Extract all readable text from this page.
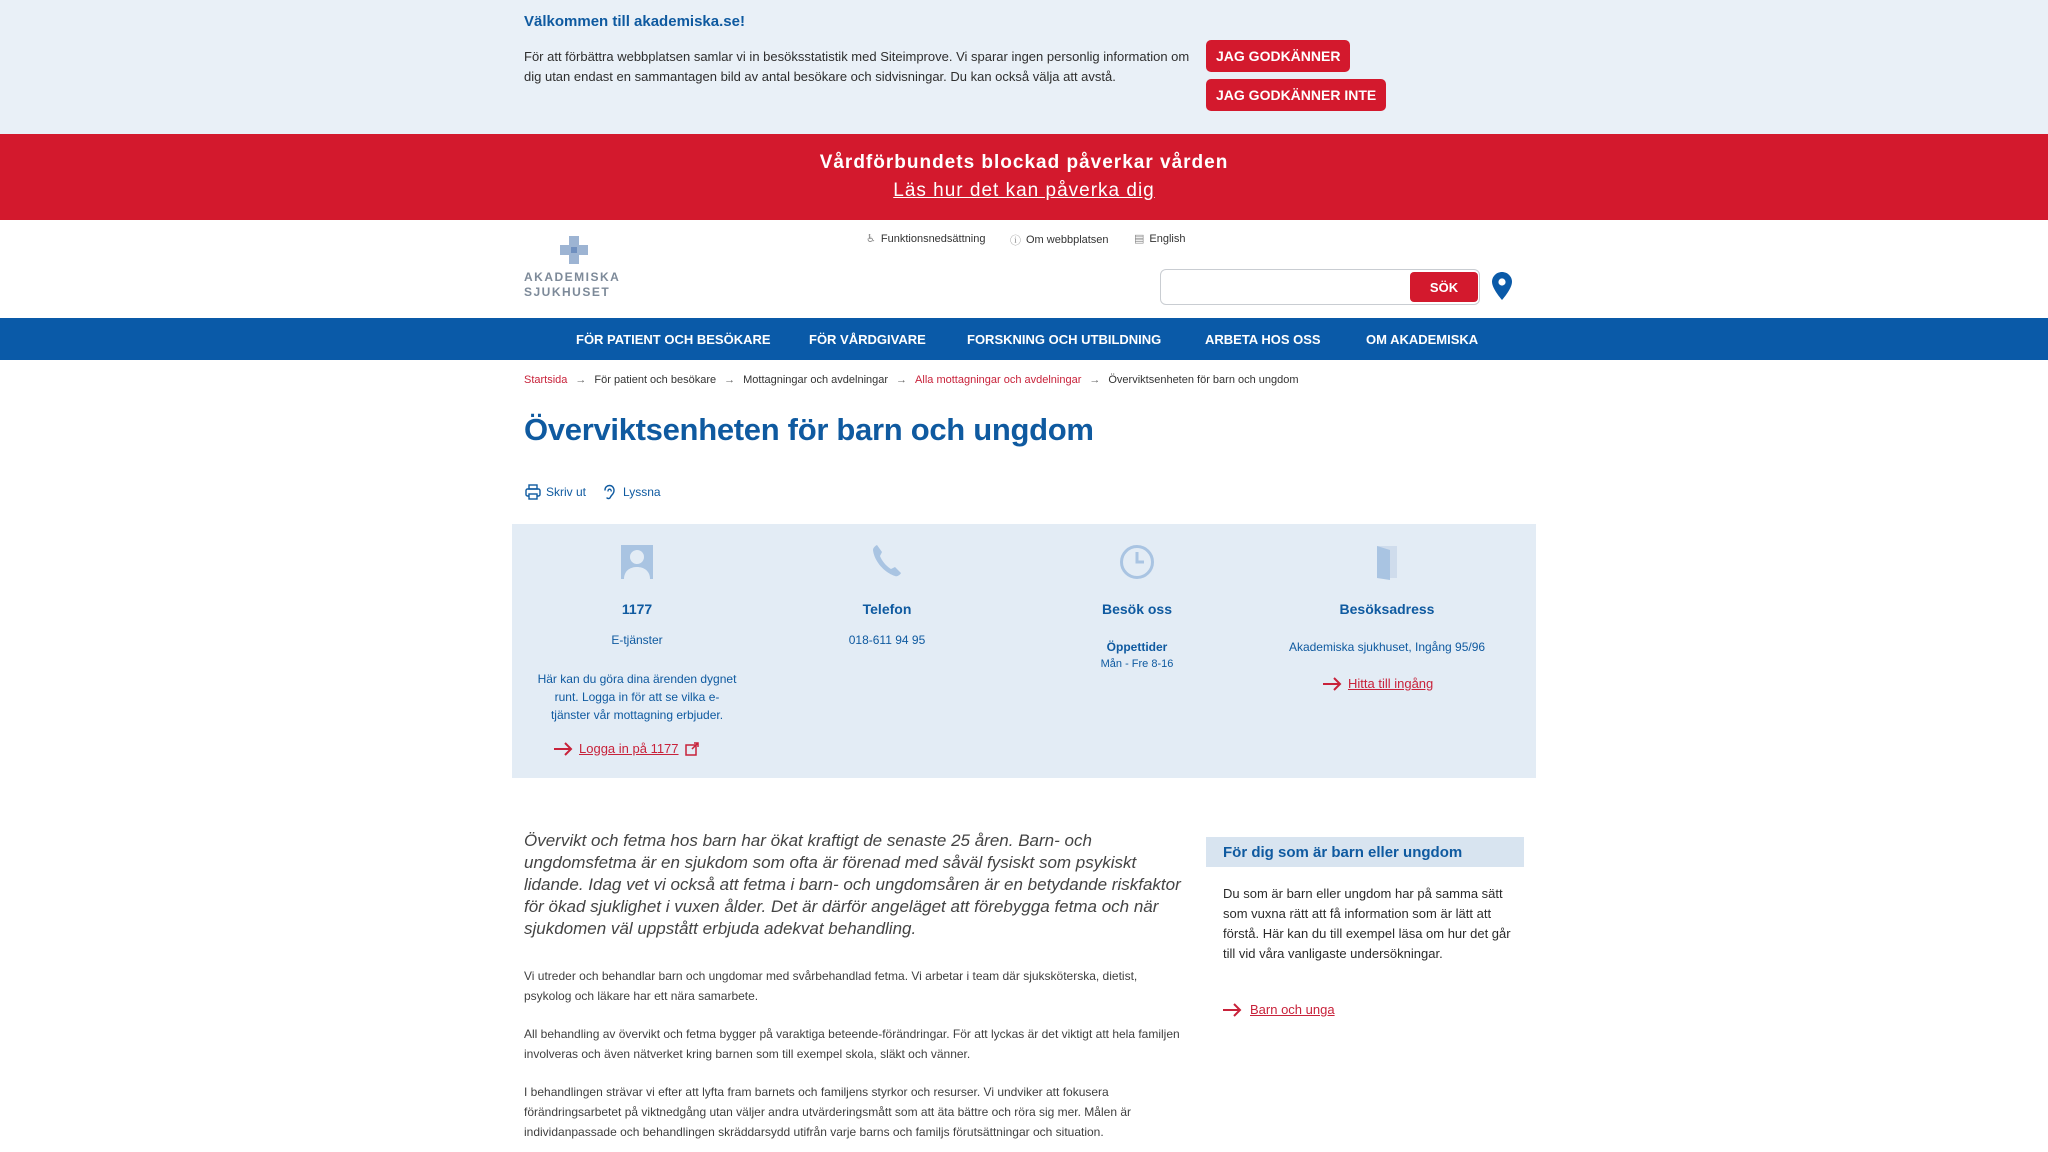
Välkommen till akademiska.se!
För att förbättra webbplatsen samlar vi in besöksstatistik med Siteimprove. Vi sparar ingen personlig information om dig utan endast en sammantagen bild av antal besökare och sidvisningar. Du kan också välja att avstå.
JAG GODKÄNNER
JAG GODKÄNNER INTE
Vårdförbundets blockad påverkar vården
Läs hur det kan påverka dig
AKADEMISKA SJUKHUSET
♿ Funktionsnedsättning ⓘ Om webbplatsen ▤ English
SÖK
FÖR PATIENT OCH BESÖKARE	FÖR VÅRDGIVARE	FORSKNING OCH UTBILDNING	ARBETA HOS OSS	OM AKADEMISKA
Startsida → För patient och besökare → Mottagningar och avdelningar → Alla mottagningar och avdelningar → Överviktsenheten för barn och ungdom
Överviktsenheten för barn och ungdom
Skriv ut	Lyssna
1177
E-tjänster
Här kan du göra dina ärenden dygnet runt. Logga in för att se vilka e-tjänster vår mottagning erbjuder.
Logga in på 1177
Telefon
018-611 94 95
Besök oss
Öppettider
Mån - Fre 8-16
Besöksadress
Akademiska sjukhuset, Ingång 95/96
Hitta till ingång

Övervikt och fetma hos barn har ökat kraftigt de senaste 25 åren. Barn- och ungdomsfetma är en sjukdom som ofta är förenad med såväl fysiskt som psykiskt lidande. Idag vet vi också att fetma i barn- och ungdomsåren är en betydande riskfaktor för ökad sjuklighet i vuxen ålder. Det är därför angeläget att förebygga fetma och när sjukdomen väl uppstått erbjuda adekvat behandling.

Vi utreder och behandlar barn och ungdomar med svårbehandlad fetma. Vi arbetar i team där sjuksköterska, dietist, psykolog och läkare har ett nära samarbete.

All behandling av övervikt och fetma bygger på varaktiga beteende-förändringar. För att lyckas är det viktigt att hela familjen involveras och även nätverket kring barnen som till exempel skola, släkt och vänner.

I behandlingen strävar vi efter att lyfta fram barnets och familjens styrkor och resurser. Vi undviker att fokusera förändringsarbetet på viktnedgång utan väljer andra utvärderingsmått som att äta bättre och röra sig mer. Målen är individanpassade och behandlingen skräddarsydd utifrån varje barns och familjs förutsättningar och situation.

För dig som är barn eller ungdom

Du som är barn eller ungdom har på samma sätt som vuxna rätt att få information som är lätt att förstå. Här kan du till exempel läsa om hur det går till vid våra vanligaste undersökningar.

Barn och unga
